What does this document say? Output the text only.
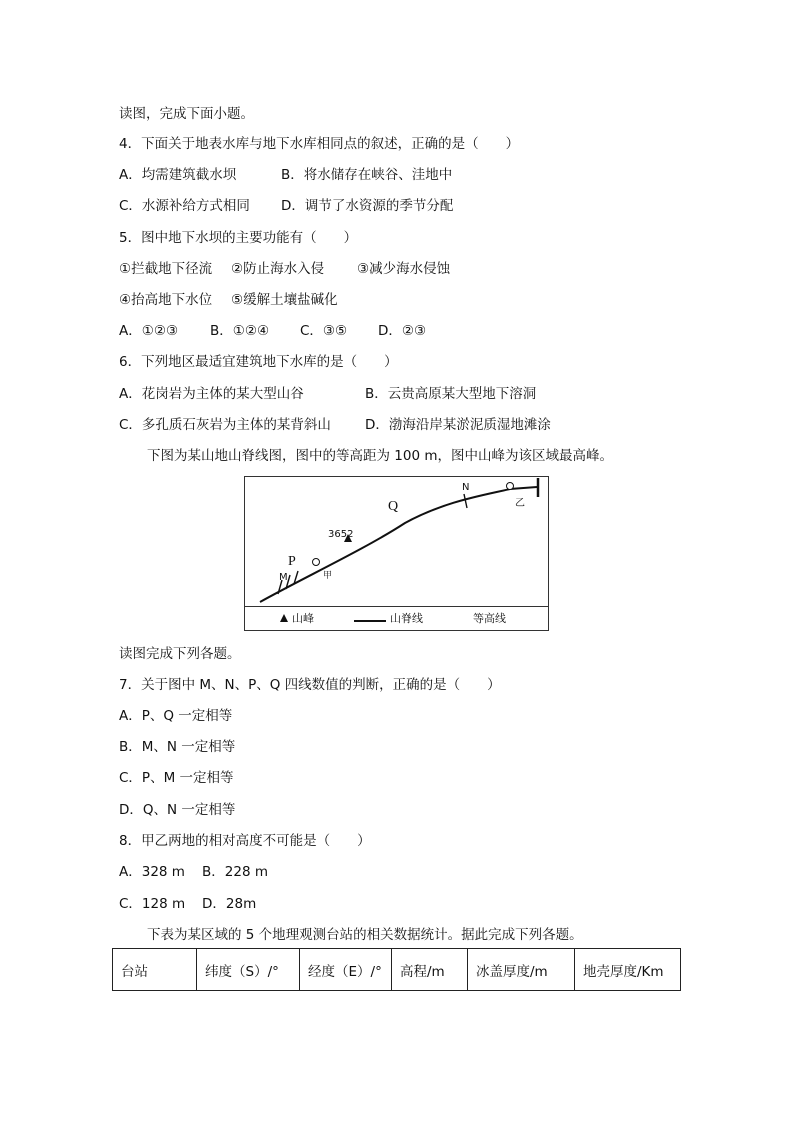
读图，完成下面小题。
4．下面关于地表水库与地下水库相同点的叙述，正确的是（　　）
A．均需建筑截水坝	B．将水储存在峡谷、洼地中
C．水源补给方式相同 D．调节了水资源的季节分配
5．图中地下水坝的主要功能有（　　）
①拦截地下径流 ②防止海水入侵 ③减少海水侵蚀
④抬高地下水位 ⑤缓解土壤盐碱化
A．①②③ B．①②④ C．③⑤ D．②③
6．下列地区最适宜建筑地下水库的是（　　）
A．花岗岩为主体的某大型山谷	B．云贵高原某大型地下溶洞
C．多孔质石灰岩为主体的某背斜山	D．渤海沿岸某淤泥质湿地滩涂
下图为某山地山脊线图，图中的等高距为 100 m，图中山峰为该区域最高峰。
3652
P
M
Q
N
甲
乙
山峰	山脊线	等高线
读图完成下列各题。
7．关于图中 M、N、P、Q 四线数值的判断，正确的是（　　）
A．P、Q 一定相等
B．M、N 一定相等
C．P、M 一定相等
D．Q、N 一定相等
8．甲乙两地的相对高度不可能是（　　）
A．328 m B．228 m
C．128 m D．28m
下表为某区域的 5 个地理观测台站的相关数据统计。据此完成下列各题。
台站	纬度（S）/°	经度（E）/°	高程/m	冰盖厚度/m	地壳厚度/Km
